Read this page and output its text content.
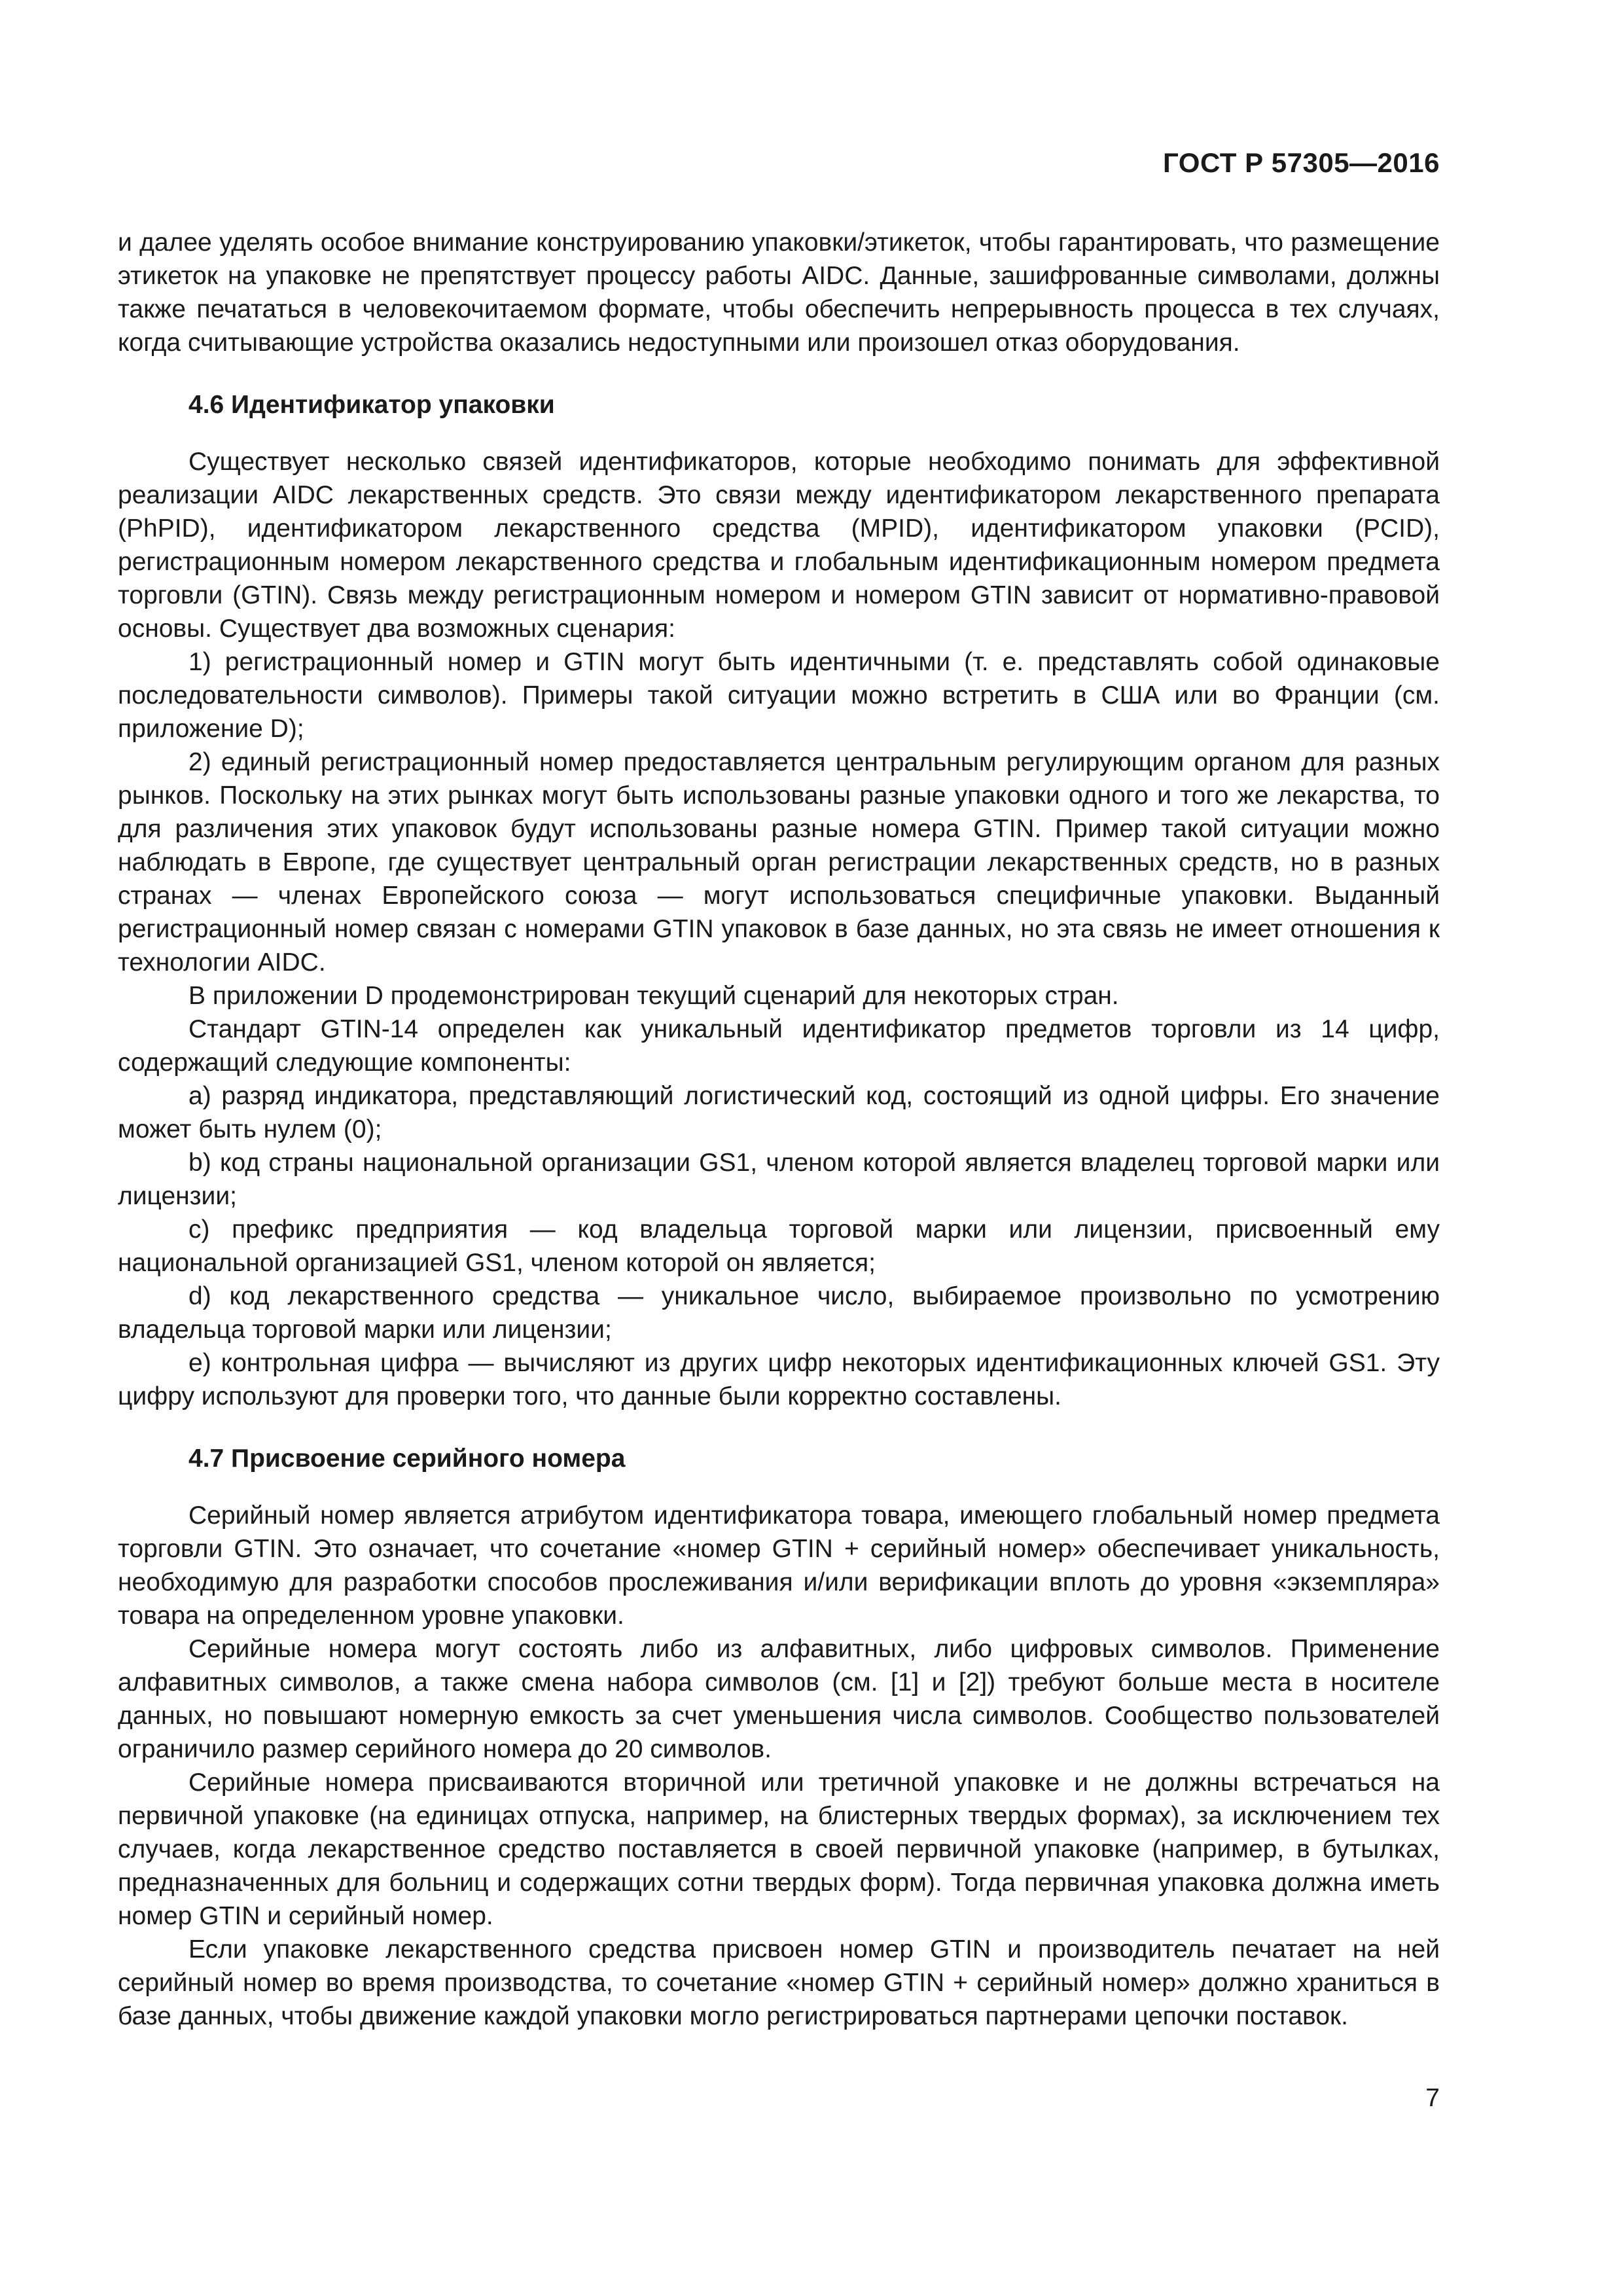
ГОСТ Р 57305—2016

и далее уделять особое внимание конструированию упаковки/этикеток, чтобы гарантировать, что размещение этикеток на упаковке не препятствует процессу работы AIDC. Данные, зашифрованные символами, должны также печататься в человекочитаемом формате, чтобы обеспечить непрерывность процесса в тех случаях, когда считывающие устройства оказались недоступными или произошел отказ оборудования.

4.6 Идентификатор упаковки

Существует несколько связей идентификаторов, которые необходимо понимать для эффективной реализации AIDC лекарственных средств. Это связи между идентификатором лекарственного препарата (PhPID), идентификатором лекарственного средства (MPID), идентификатором упаковки (PCID), регистрационным номером лекарственного средства и глобальным идентификационным номером предмета торговли (GTIN). Связь между регистрационным номером и номером GTIN зависит от нормативно-правовой основы. Существует два возможных сценария:

1) регистрационный номер и GTIN могут быть идентичными (т. е. представлять собой одинаковые последовательности символов). Примеры такой ситуации можно встретить в США или во Франции (см. приложение D);

2) единый регистрационный номер предоставляется центральным регулирующим органом для разных рынков. Поскольку на этих рынках могут быть использованы разные упаковки одного и того же лекарства, то для различения этих упаковок будут использованы разные номера GTIN. Пример такой ситуации можно наблюдать в Европе, где существует центральный орган регистрации лекарственных средств, но в разных странах — членах Европейского союза — могут использоваться специфичные упаковки. Выданный регистрационный номер связан с номерами GTIN упаковок в базе данных, но эта связь не имеет отношения к технологии AIDC.

В приложении D продемонстрирован текущий сценарий для некоторых стран.

Стандарт GTIN-14 определен как уникальный идентификатор предметов торговли из 14 цифр, содержащий следующие компоненты:

a) разряд индикатора, представляющий логистический код, состоящий из одной цифры. Его значение может быть нулем (0);

b) код страны национальной организации GS1, членом которой является владелец торговой марки или лицензии;

c) префикс предприятия — код владельца торговой марки или лицензии, присвоенный ему национальной организацией GS1, членом которой он является;

d) код лекарственного средства — уникальное число, выбираемое произвольно по усмотрению владельца торговой марки или лицензии;

e) контрольная цифра — вычисляют из других цифр некоторых идентификационных ключей GS1. Эту цифру используют для проверки того, что данные были корректно составлены.

4.7 Присвоение серийного номера

Серийный номер является атрибутом идентификатора товара, имеющего глобальный номер предмета торговли GTIN. Это означает, что сочетание «номер GTIN + серийный номер» обеспечивает уникальность, необходимую для разработки способов прослеживания и/или верификации вплоть до уровня «экземпляра» товара на определенном уровне упаковки.

Серийные номера могут состоять либо из алфавитных, либо цифровых символов. Применение алфавитных символов, а также смена набора символов (см. [1] и [2]) требуют больше места в носителе данных, но повышают номерную емкость за счет уменьшения числа символов. Сообщество пользователей ограничило размер серийного номера до 20 символов.

Серийные номера присваиваются вторичной или третичной упаковке и не должны встречаться на первичной упаковке (на единицах отпуска, например, на блистерных твердых формах), за исключением тех случаев, когда лекарственное средство поставляется в своей первичной упаковке (например, в бутылках, предназначенных для больниц и содержащих сотни твердых форм). Тогда первичная упаковка должна иметь номер GTIN и серийный номер.

Если упаковке лекарственного средства присвоен номер GTIN и производитель печатает на ней серийный номер во время производства, то сочетание «номер GTIN + серийный номер» должно храниться в базе данных, чтобы движение каждой упаковки могло регистрироваться партнерами цепочки поставок.

7
